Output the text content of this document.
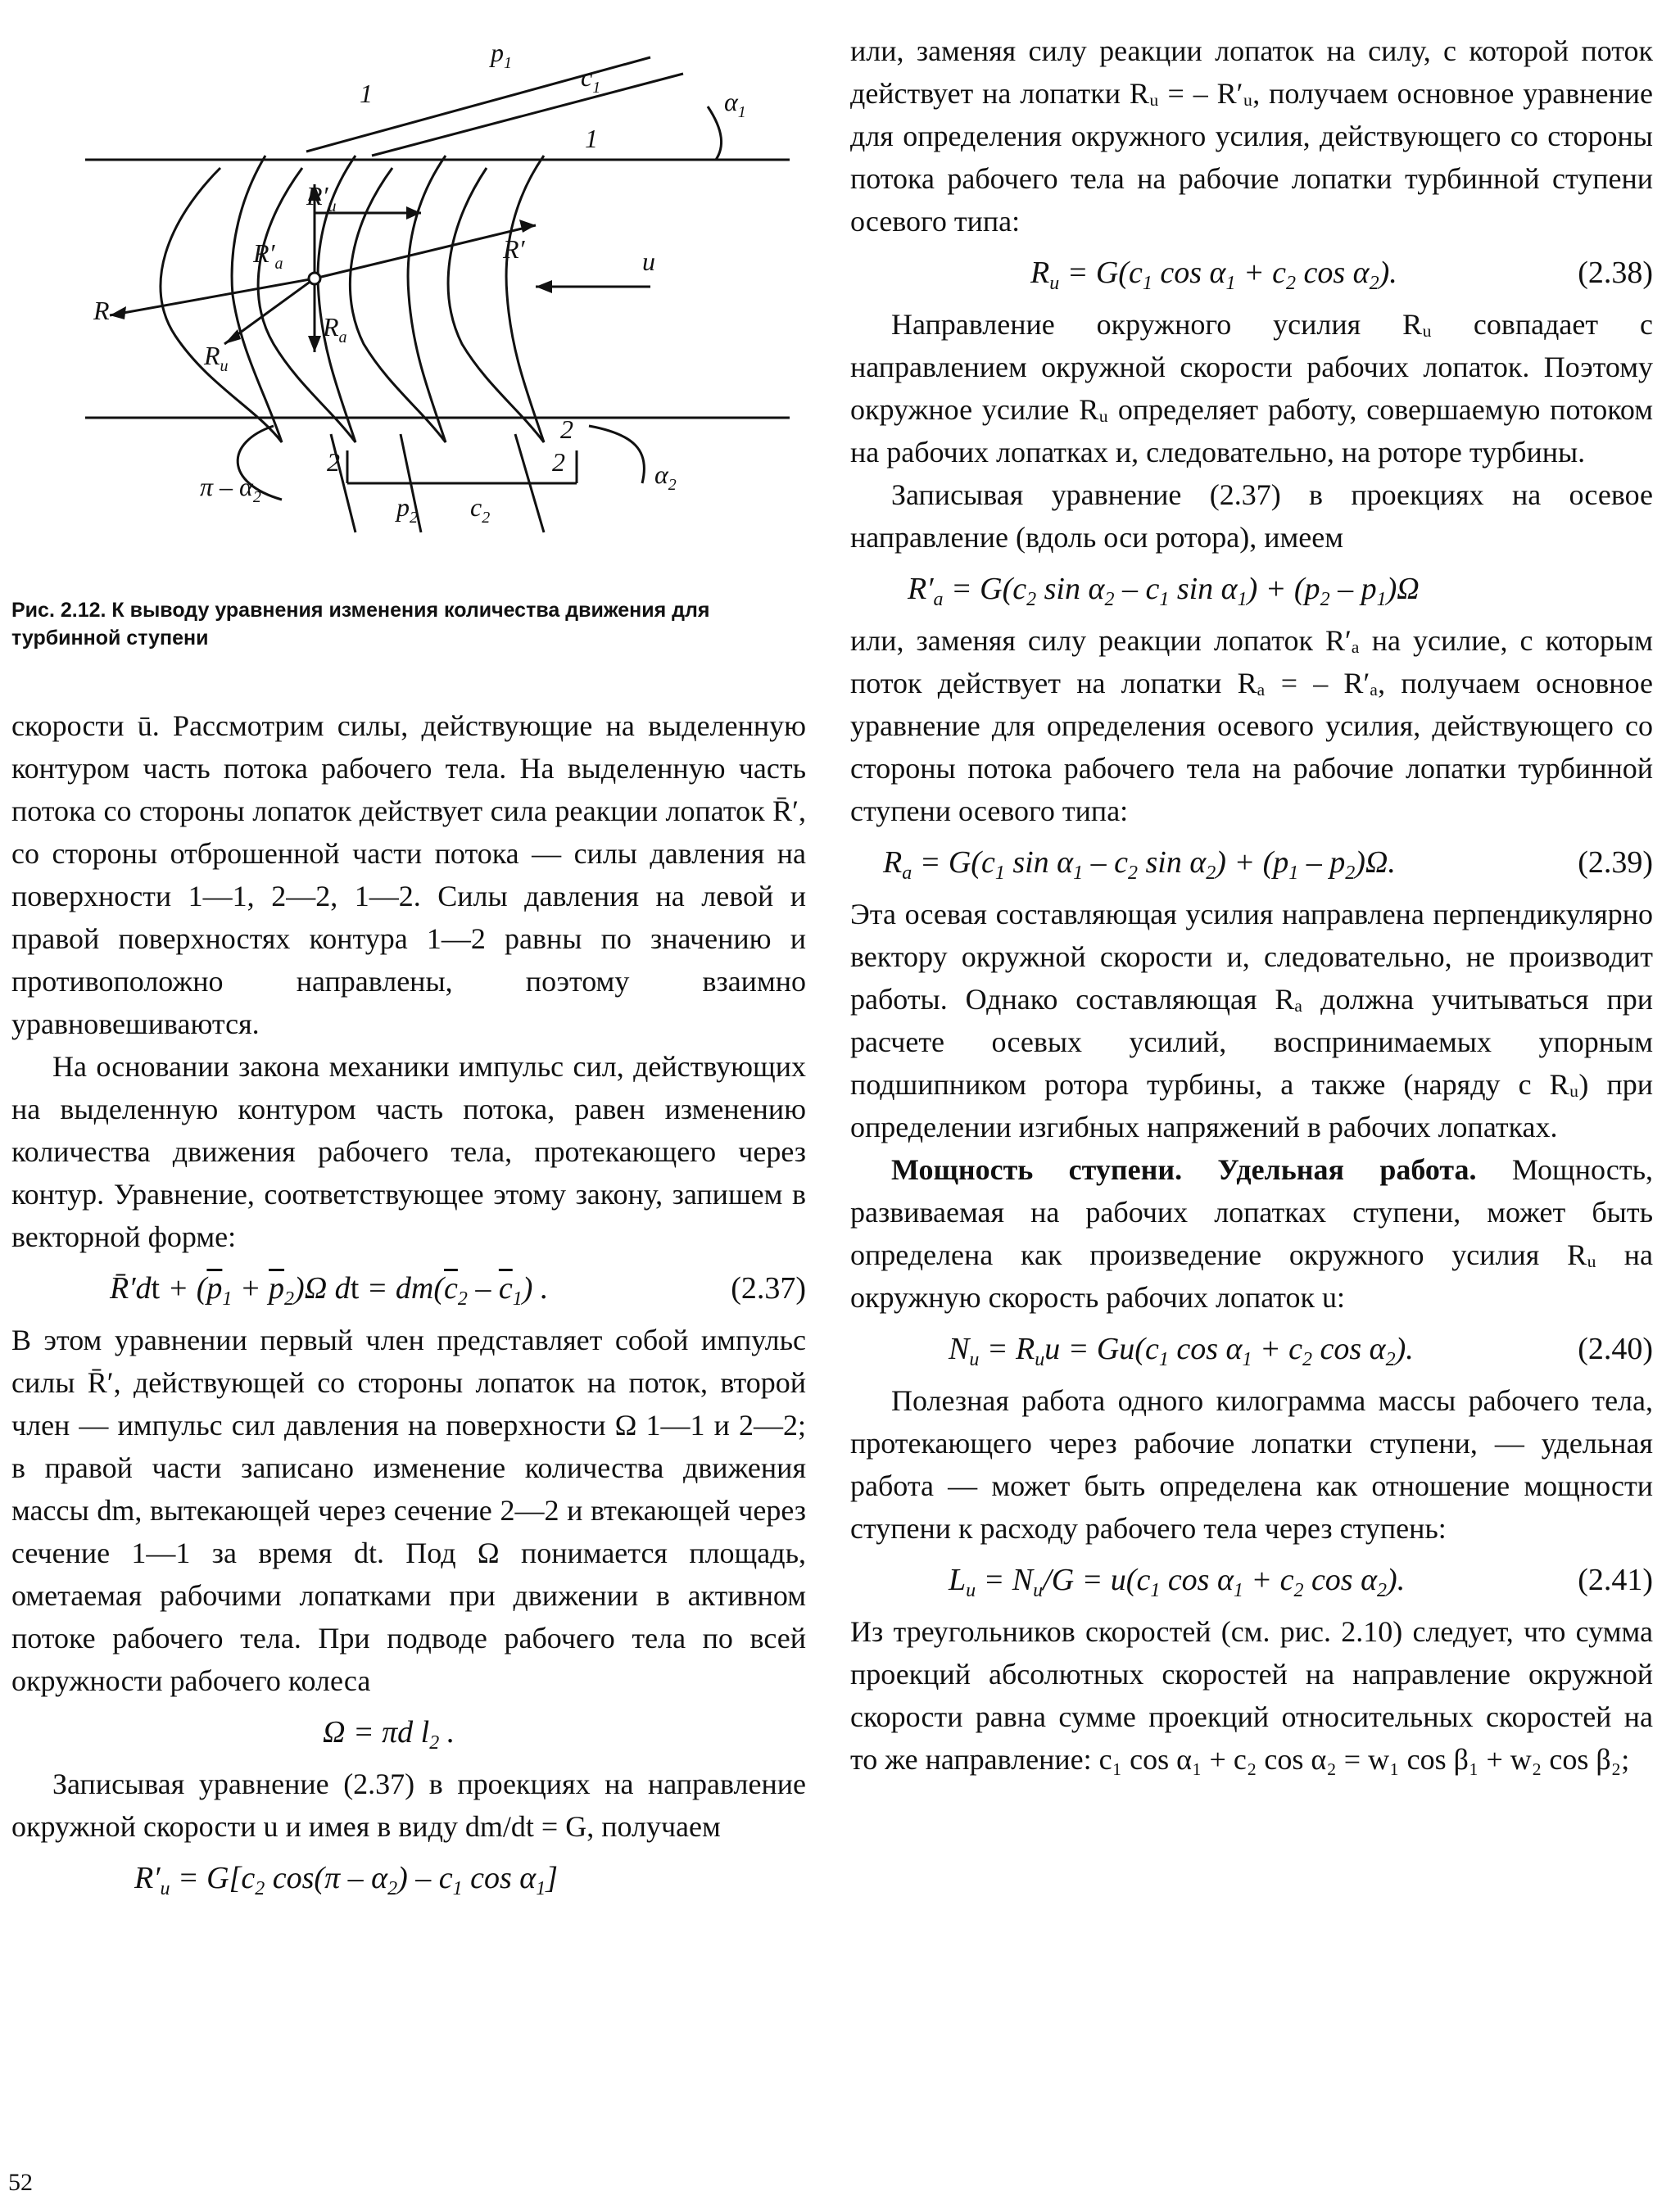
$p_1$	$c_1$	$\alpha_1$
1
1
$R'_u$
$R'_a$	R′	u
R
$R_a$
$R_u$
π – $\alpha_2$
2
2
2
$p_2$ $c_2$
$\alpha_2$

Рис. 2.12. К выводу уравнения изменения количества движения для турбинной ступени

скорости ū. Рассмотрим силы, действующие на выделенную контуром часть потока рабочего тела. На выделенную часть потока со стороны лопаток действует сила реакции лопаток R̄′, со стороны отброшенной части потока — силы давления на поверхности 1—1, 2—2, 1—2. Силы давления на левой и правой поверхностях контура 1—2 равны по значению и противоположно направлены, поэтому взаимно уравновешиваются.

На основании закона механики импульс сил, действующих на выделенную контуром часть потока, равен изменению количества движения рабочего тела, протекающего через контур. Уравнение, соответствующее этому закону, запишем в векторной форме:

R̄′dt + $(\overline{p}_1 + \overline{p}_2)\Omega$ dt = $dm(\overline{c}_2 - \overline{c}_1)$ .	(2.37)

В этом уравнении первый член представляет собой импульс силы R̄′, действующей со стороны лопаток на поток, второй член — импульс сил давления на поверхности Ω 1—1 и 2—2; в правой части записано изменение количества движения массы dm, вытекающей через сечение 2—2 и втекающей через сечение 1—1 за время dt. Под Ω понимается площадь, ометаемая рабочими лопатками при движении в активном потоке рабочего тела. При подводе рабочего тела по всей окружности рабочего колеса

Ω = πd $l_2$ .

Записывая уравнение (2.37) в проекциях на направление окружной скорости u и имея в виду dm/dt = G, получаем

$R'_u = G[c_2$ $\cos(\pi - \alpha_2) - c_1$ $\cos \alpha_1$]
52

или, заменяя силу реакции лопаток на силу, с которой поток действует на лопатки Rᵤ = – R′ᵤ, получаем основное уравнение для определения окружного усилия, действующего со стороны потока рабочего тела на рабочие лопатки турбинной ступени осевого типа:

$R_u = G(c_1$ $\cos \alpha_1 + c_2$ $\cos \alpha_2$).	(2.38)

Направление окружного усилия Rᵤ совпадает с направлением окружной скорости рабочих лопаток. Поэтому окружное усилие Rᵤ определяет работу, совершаемую потоком на рабочих лопатках и, следовательно, на роторе турбины.

Записывая уравнение (2.37) в проекциях на осевое направление (вдоль оси ротора), имеем

$R'_a = G(c_2$ $\sin \alpha_2 - c_1$ $\sin \alpha_1) + (p_2 - p_1)\Omega$

или, заменяя силу реакции лопаток R′ₐ на усилие, с которым поток действует на лопатки Rₐ = – R′ₐ, получаем основное уравнение для определения осевого усилия, действующего со стороны потока рабочего тела на рабочие лопатки турбинной ступени осевого типа:

$R_a = G(c_1$ $\sin \alpha_1 - c_2$ $\sin \alpha_2) + (p_1 - p_2)\Omega$.	(2.39)

Эта осевая составляющая усилия направлена перпендикулярно вектору окружной скорости и, следовательно, не производит работы. Однако составляющая Rₐ должна учитываться при расчете осевых усилий, воспринимаемых упорным подшипником ротора турбины, а также (наряду с Rᵤ) при определении изгибных напряжений в рабочих лопатках.

Мощность ступени. Удельная работа. Мощность, развиваемая на рабочих лопатках ступени, может быть определена как произведение окружного усилия Rᵤ на окружную скорость рабочих лопаток u:

$N_u = R_uu = Gu(c_1$ $\cos \alpha_1 + c_2$ $\cos \alpha_2$).	(2.40)

Полезная работа одного килограмма массы рабочего тела, протекающего через рабочие лопатки ступени, — удельная работа — может быть определена как отношение мощности ступени к расходу рабочего тела через ступень:

$L_u = N_u/G = u(c_1$ $\cos \alpha_1 + c_2$ $\cos \alpha_2$).	(2.41)

Из треугольников скоростей (см. рис. 2.10) следует, что сумма проекций абсолютных скоростей на направление окружной скорости равна сумме проекций относительных скоростей на то же направление: c₁ cos α₁ + c₂ cos α₂ = w₁ cos β₁ + w₂ cos β₂;
